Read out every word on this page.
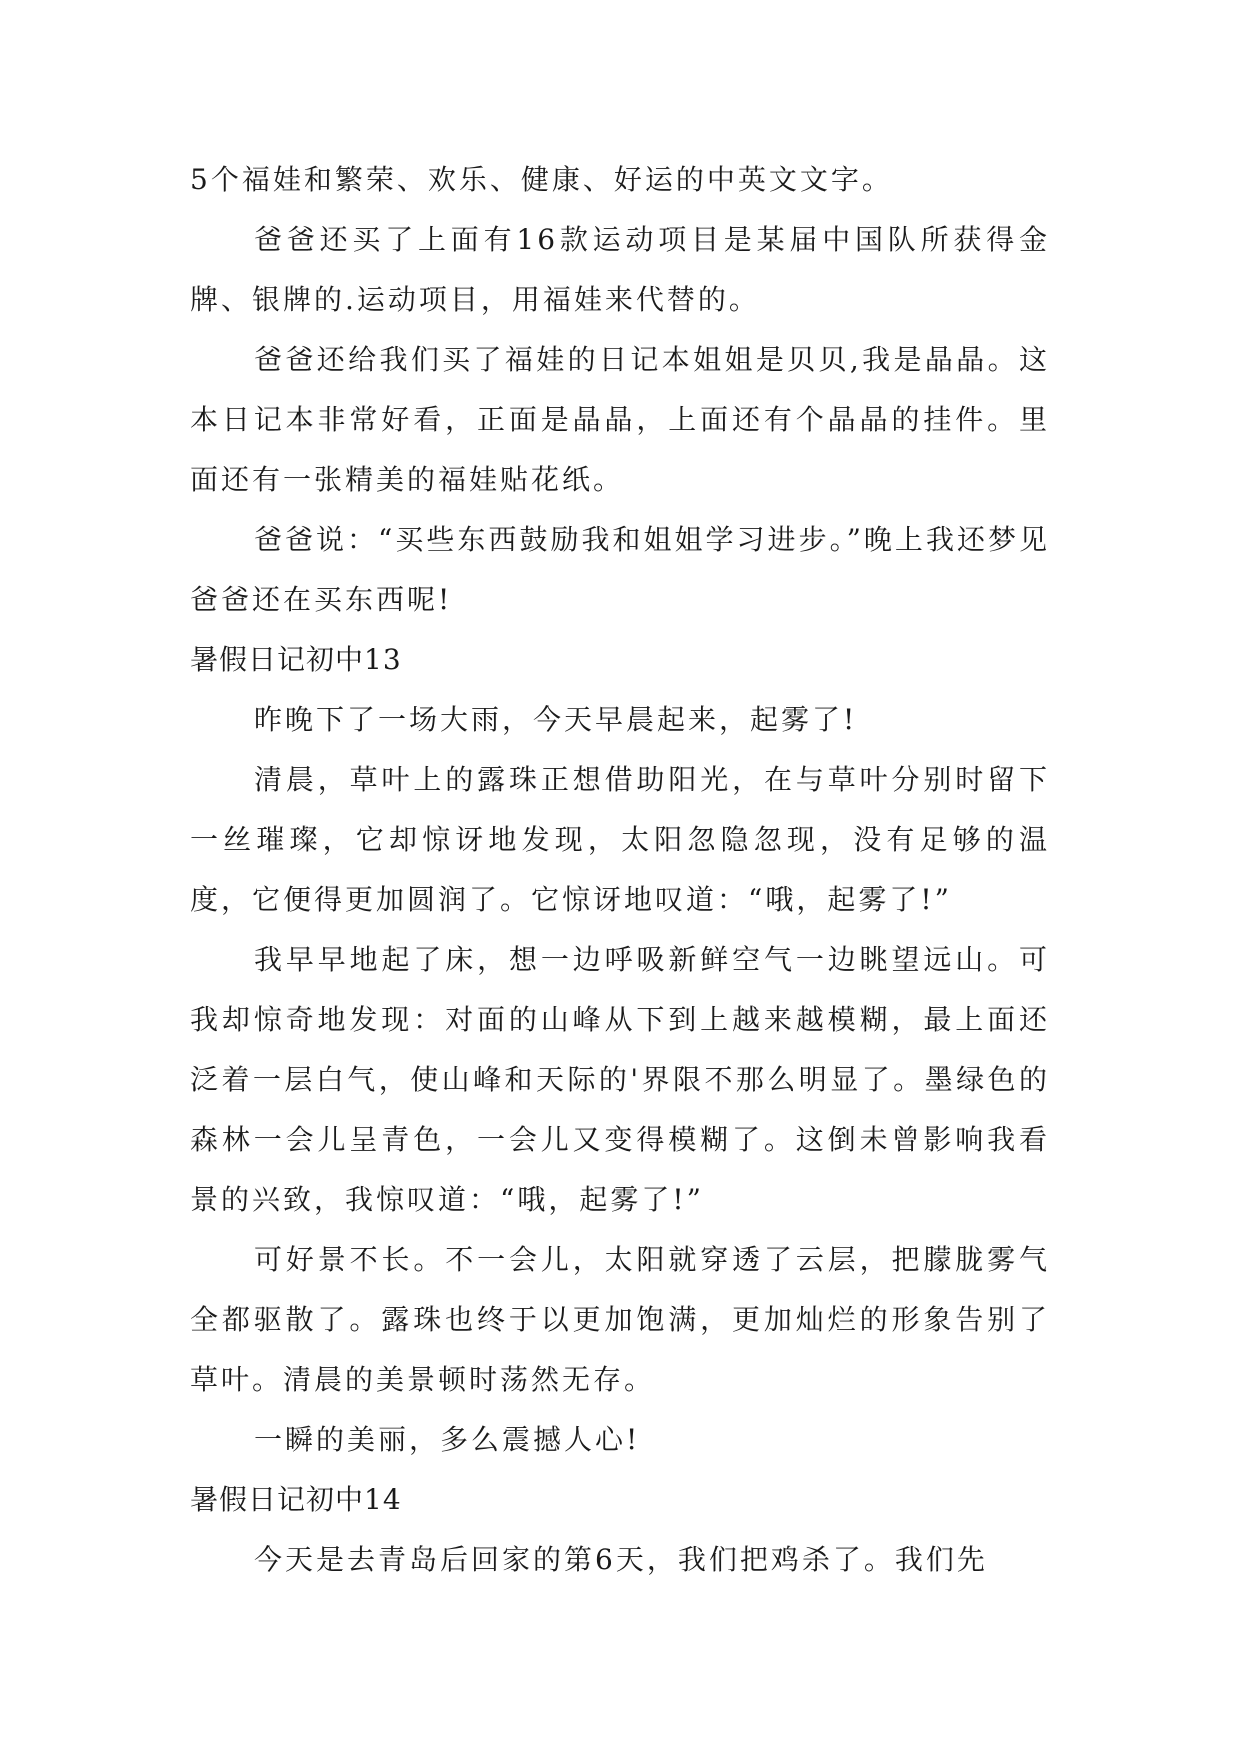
5个福娃和繁荣、欢乐、健康、好运的中英文文字。

爸爸还买了上面有16款运动项目是某届中国队所获得金牌、银牌的.运动项目，用福娃来代替的。

爸爸还给我们买了福娃的日记本姐姐是贝贝,我是晶晶。这本日记本非常好看，正面是晶晶，上面还有个晶晶的挂件。里面还有一张精美的福娃贴花纸。

爸爸说：“买些东西鼓励我和姐姐学习进步。”晚上我还梦见爸爸还在买东西呢!

暑假日记初中13

昨晚下了一场大雨，今天早晨起来，起雾了!

清晨，草叶上的露珠正想借助阳光，在与草叶分别时留下一丝璀璨，它却惊讶地发现，太阳忽隐忽现，没有足够的温度，它便得更加圆润了。它惊讶地叹道：“哦，起雾了!”

我早早地起了床，想一边呼吸新鲜空气一边眺望远山。可我却惊奇地发现：对面的山峰从下到上越来越模糊，最上面还泛着一层白气，使山峰和天际的'界限不那么明显了。墨绿色的森林一会儿呈青色，一会儿又变得模糊了。这倒未曾影响我看景的兴致，我惊叹道：“哦，起雾了!”

可好景不长。不一会儿，太阳就穿透了云层，把朦胧雾气全都驱散了。露珠也终于以更加饱满，更加灿烂的形象告别了草叶。清晨的美景顿时荡然无存。

一瞬的美丽，多么震撼人心!

暑假日记初中14

今天是去青岛后回家的第6天，我们把鸡杀了。我们先
